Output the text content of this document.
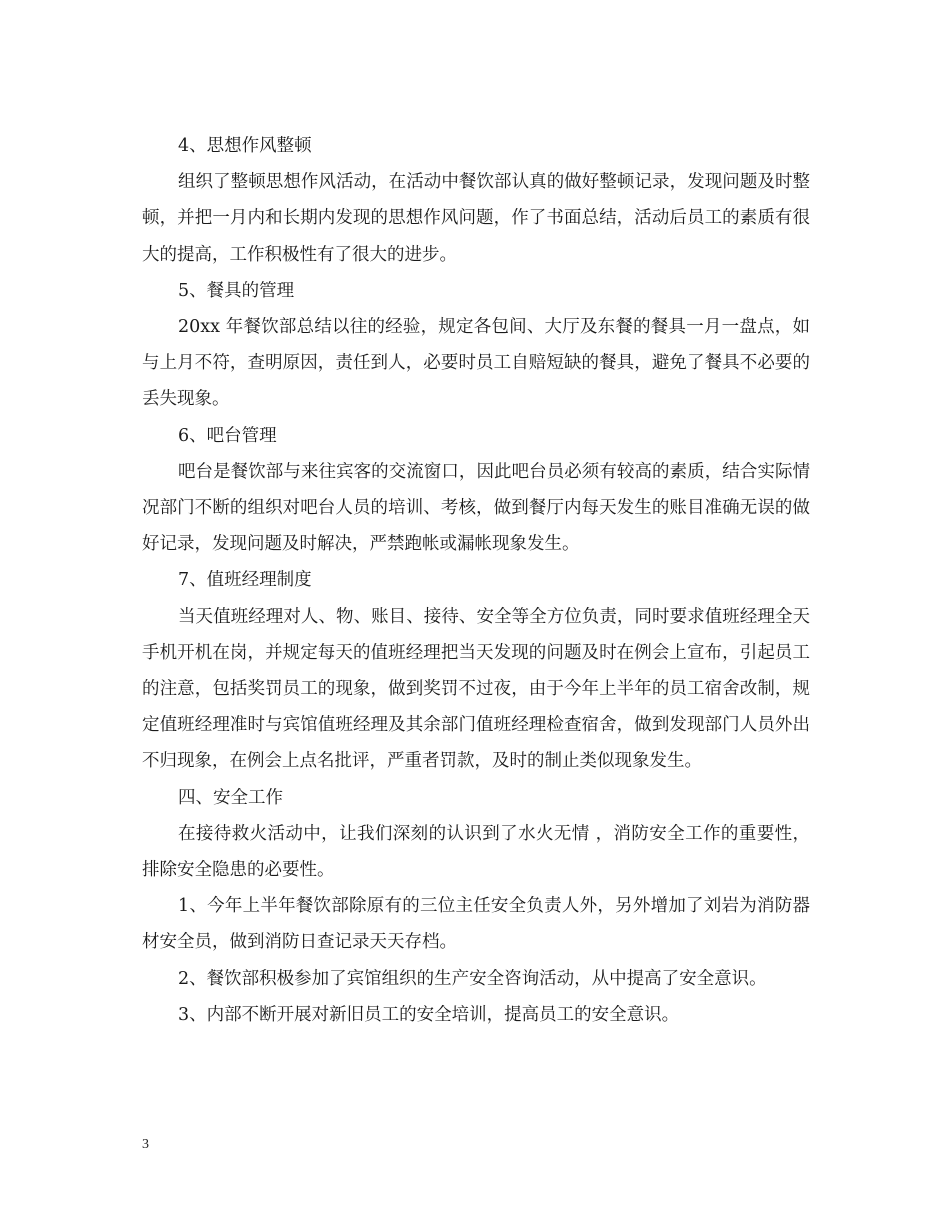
4、思想作风整顿

组织了整顿思想作风活动，在活动中餐饮部认真的做好整顿记录，发现问题及时整顿，并把一月内和长期内发现的思想作风问题，作了书面总结，活动后员工的素质有很大的提高，工作积极性有了很大的进步。

5、餐具的管理

20xx 年餐饮部总结以往的经验，规定各包间、大厅及东餐的餐具一月一盘点，如与上月不符，查明原因，责任到人，必要时员工自赔短缺的餐具，避免了餐具不必要的丢失现象。

6、吧台管理

吧台是餐饮部与来往宾客的交流窗口，因此吧台员必须有较高的素质，结合实际情况部门不断的组织对吧台人员的培训、考核，做到餐厅内每天发生的账目准确无误的做好记录，发现问题及时解决，严禁跑帐或漏帐现象发生。

7、值班经理制度

当天值班经理对人、物、账目、接待、安全等全方位负责，同时要求值班经理全天手机开机在岗，并规定每天的值班经理把当天发现的问题及时在例会上宣布，引起员工的注意，包括奖罚员工的现象，做到奖罚不过夜，由于今年上半年的员工宿舍改制，规定值班经理准时与宾馆值班经理及其余部门值班经理检查宿舍，做到发现部门人员外出不归现象，在例会上点名批评，严重者罚款，及时的制止类似现象发生。

四、安全工作

在接待救火活动中，让我们深刻的认识到了水火无情 ，消防安全工作的重要性，排除安全隐患的必要性。

1、今年上半年餐饮部除原有的三位主任安全负责人外，另外增加了刘岩为消防器材安全员，做到消防日查记录天天存档。

2、餐饮部积极参加了宾馆组织的生产安全咨询活动，从中提高了安全意识。

3、内部不断开展对新旧员工的安全培训，提高员工的安全意识。

3
